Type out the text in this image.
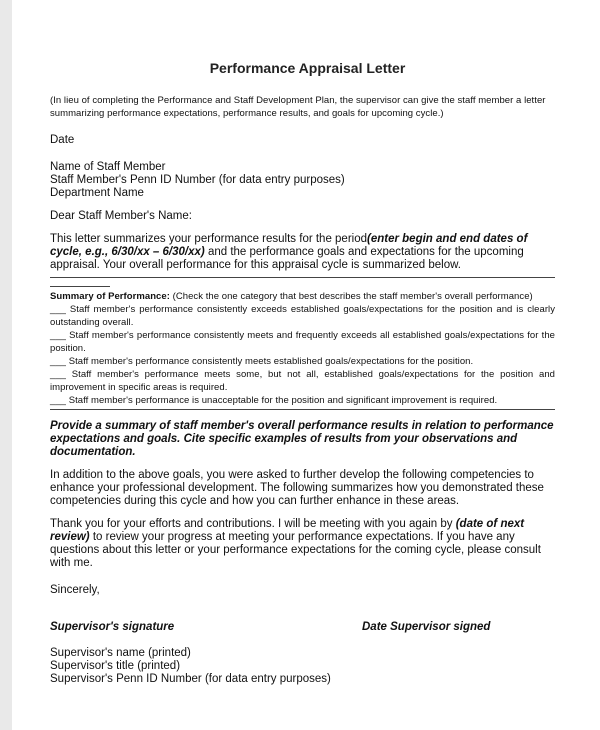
Performance Appraisal Letter

(In lieu of completing the Performance and Staff Development Plan, the supervisor can give the staff member a letter summarizing performance expectations, performance results, and goals for upcoming cycle.)

Date

Name of Staff Member

Staff Member's Penn ID Number (for data entry purposes)

Department Name

Dear Staff Member's Name:

This letter summarizes your performance results for the period(enter begin and end dates of cycle, e.g., 6/30/xx – 6/30/xx) and the performance goals and expectations for the upcoming appraisal. Your overall performance for this appraisal cycle is summarized below.

Summary of Performance: (Check the one category that best describes the staff member's overall performance)

___ Staff member's performance consistently exceeds established goals/expectations for the position and is clearly outstanding overall.

___ Staff member's performance consistently meets and frequently exceeds all established goals/expectations for the position.

___ Staff member's performance consistently meets established goals/expectations for the position.

___ Staff member's performance meets some, but not all, established goals/expectations for the position and improvement in specific areas is required.

___ Staff member's performance is unacceptable for the position and significant improvement is required.

Provide a summary of staff member's overall performance results in relation to performance expectations and goals. Cite specific examples of results from your observations and documentation.

In addition to the above goals, you were asked to further develop the following competencies to enhance your professional development. The following summarizes how you demonstrated these competencies during this cycle and how you can further enhance in these areas.

Thank you for your efforts and contributions. I will be meeting with you again by (date of next review) to review your progress at meeting your performance expectations. If you have any questions about this letter or your performance expectations for the coming cycle, please consult with me.

Sincerely,

Supervisor's signature	Date Supervisor signed

Supervisor's name (printed)

Supervisor's title (printed)

Supervisor's Penn ID Number (for data entry purposes)
